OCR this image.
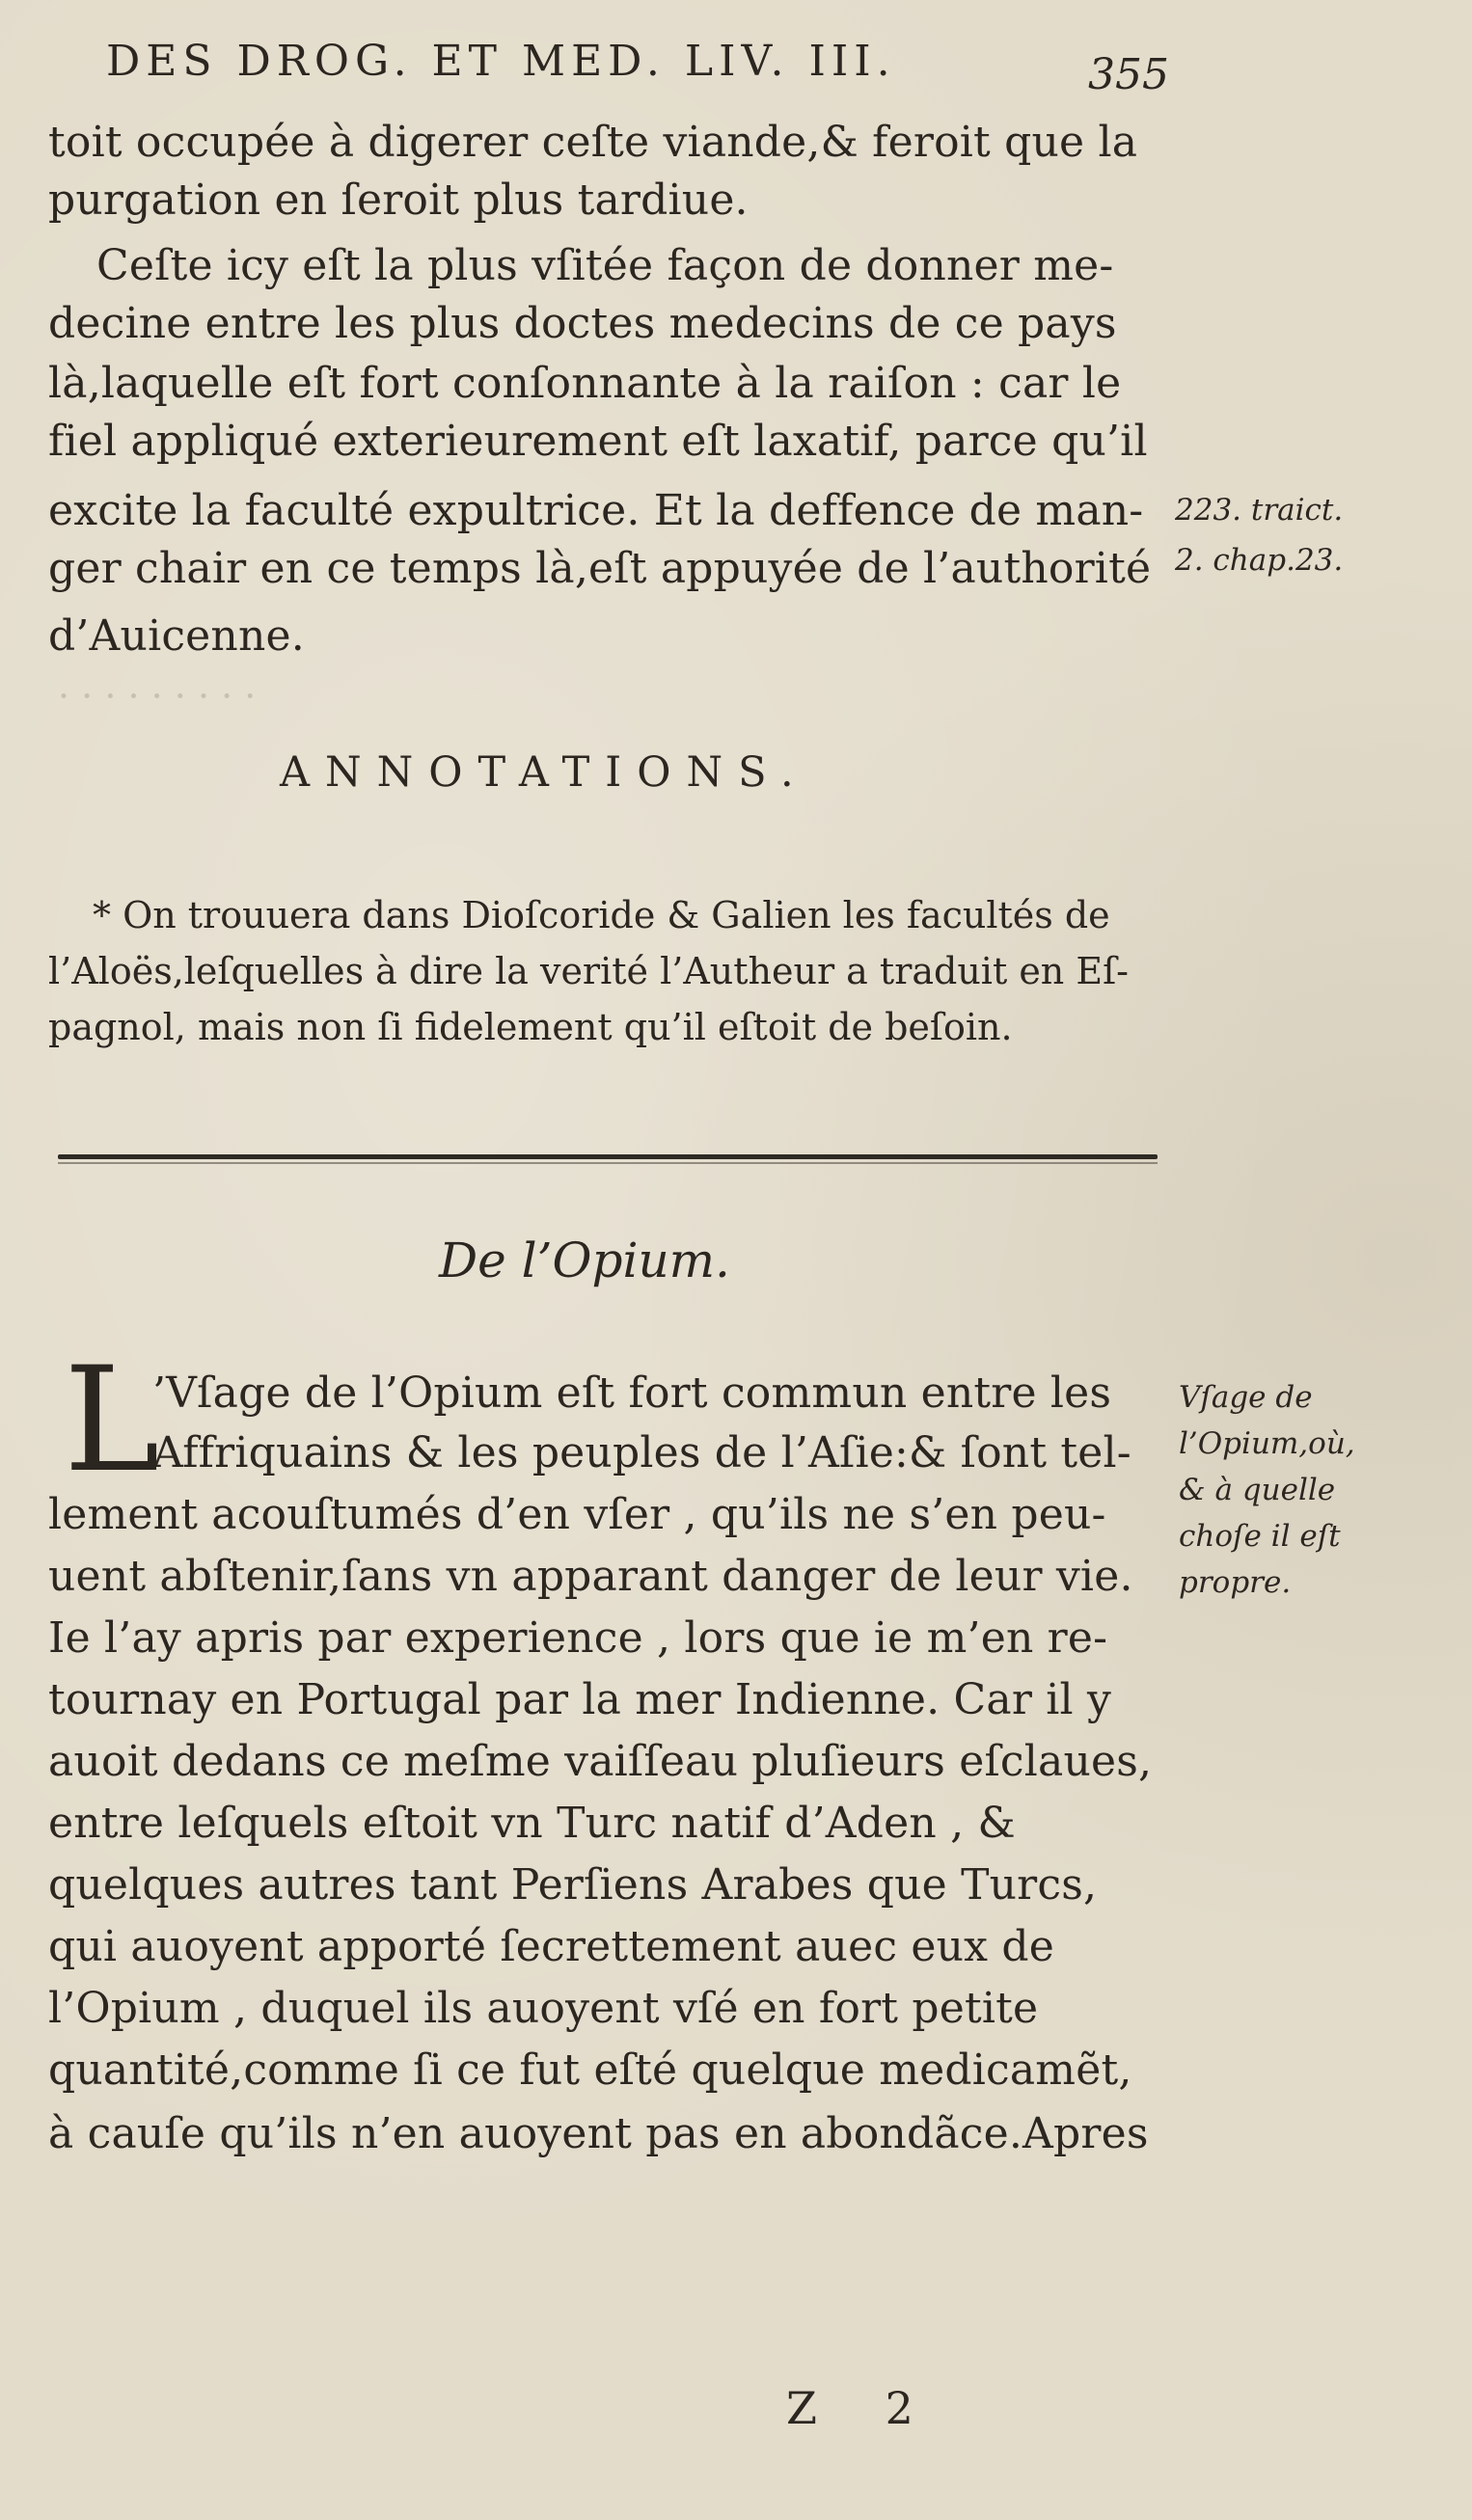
DES DROG. ET MED. LIV. III.	355
toit occupée à digerer ceſte viande,& feroit que la
purgation en ſeroit plus tardiue.
Ceſte icy eſt la plus vſitée façon de donner me-
decine entre les plus doctes medecins de ce pays
là,laquelle eſt fort conſonnante à la raiſon : car le
fiel appliqué exterieurement eſt laxatif, parce qu’il
excite la faculté expultrice. Et la deffence de man-
ger chair en ce temps là,eſt appuyée de l’authorité
d’Auicenne.
223. traict.
2. chap.23.
· · · · · · · · ·
ANNOTATIONS.
* On trouuera dans Dioſcoride & Galien les facultés de
l’Aloës,leſquelles à dire la verité l’Autheur a traduit en Eſ-
pagnol, mais non ſi fidelement qu’il eſtoit de beſoin.
De l’Opium.
L
’Vſage de l’Opium eſt fort commun entre les
Affriquains & les peuples de l’Aſie:& ſont tel-
lement acouſtumés d’en vſer , qu’ils ne s’en peu-
uent abſtenir,ſans vn apparant danger de leur vie.
Ie l’ay apris par experience , lors que ie m’en re-
tournay en Portugal par la mer Indienne. Car il y
auoit dedans ce meſme vaiſſeau pluſieurs eſclaues,
entre leſquels eſtoit vn Turc natif d’Aden , &
quelques autres tant Perſiens Arabes que Turcs,
qui auoyent apporté ſecrettement auec eux de
l’Opium , duquel ils auoyent vſé en fort petite
quantité,comme ſi ce fut eſté quelque medicamẽt,
à cauſe qu’ils n’en auoyent pas en abondãce.Apres
Vſage de
l’Opium,où,
& à quelle
choſe il eſt
propre.
Z 2
